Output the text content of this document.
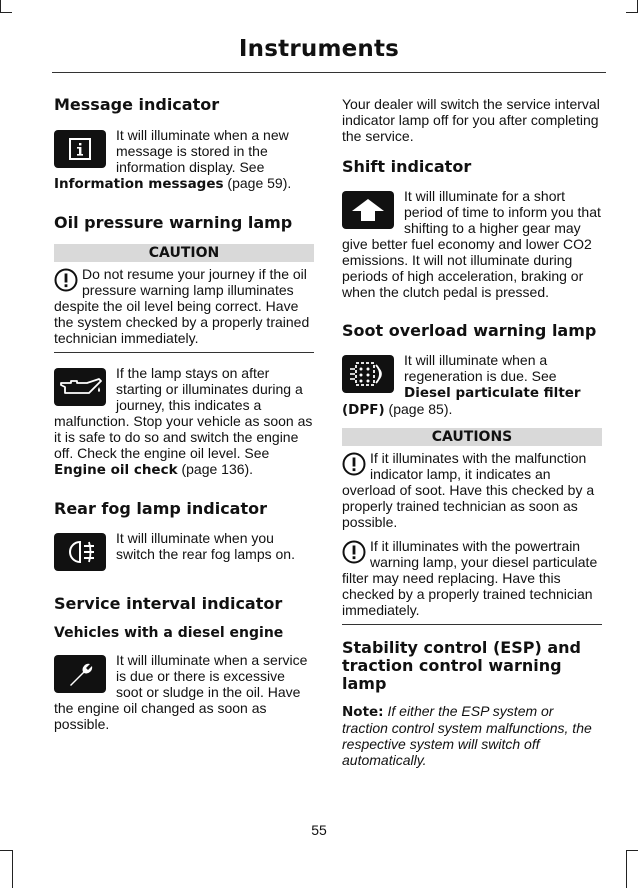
Instruments
Message indicator

It will illuminate when a new message is stored in the information display. See Information messages (page 59).

Oil pressure warning lamp
CAUTION

Do not resume your journey if the oil pressure warning lamp illuminates despite the oil level being correct. Have the system checked by a properly trained technician immediately.

If the lamp stays on after starting or illuminates during a journey, this indicates a malfunction. Stop your vehicle as soon as it is safe to do so and switch the engine off. Check the engine oil level. See Engine oil check (page 136).

Rear fog lamp indicator

It will illuminate when you switch the rear fog lamps on.

Service interval indicator
Vehicles with a diesel engine

It will illuminate when a service is due or there is excessive soot or sludge in the oil. Have the engine oil changed as soon as possible.

Your dealer will switch the service interval indicator lamp off for you after completing the service.

Shift indicator

It will illuminate for a short period of time to inform you that shifting to a higher gear may give better fuel economy and lower CO2 emissions. It will not illuminate during periods of high acceleration, braking or when the clutch pedal is pressed.

Soot overload warning lamp

It will illuminate when a regeneration is due. See Diesel particulate filter (DPF) (page 85).

CAUTIONS

If it illuminates with the malfunction indicator lamp, it indicates an overload of soot. Have this checked by a properly trained technician as soon as possible.

If it illuminates with the powertrain warning lamp, your diesel particulate filter may need replacing. Have this checked by a properly trained technician immediately.

Stability control (ESP) and traction control warning lamp

Note: If either the ESP system or traction control system malfunctions, the respective system will switch off automatically.

55
